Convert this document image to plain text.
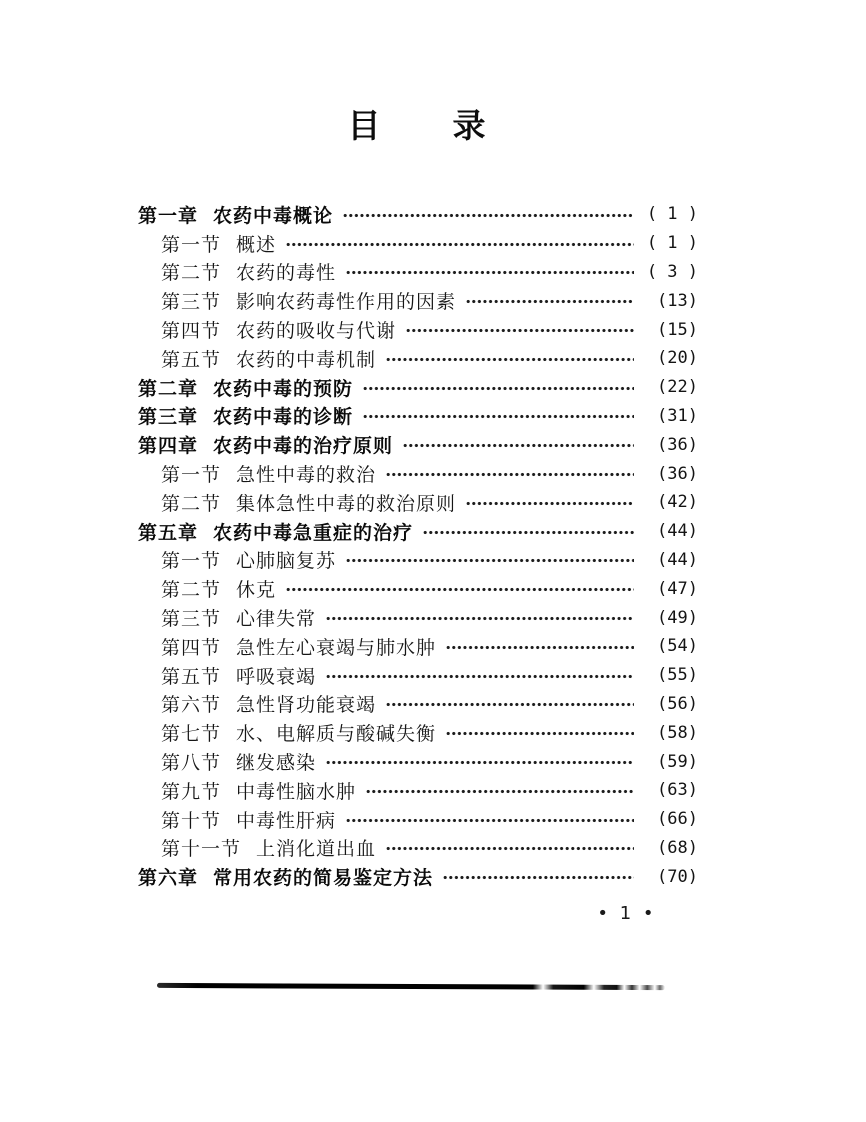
目　　录
第一章 农药中毒概论	( 1 )
第一节 概述	( 1 )
第二节 农药的毒性	( 3 )
第三节 影响农药毒性作用的因素	(13)
第四节 农药的吸收与代谢	(15)
第五节 农药的中毒机制	(20)
第二章 农药中毒的预防	(22)
第三章 农药中毒的诊断	(31)
第四章 农药中毒的治疗原则	(36)
第一节 急性中毒的救治	(36)
第二节 集体急性中毒的救治原则	(42)
第五章 农药中毒急重症的治疗	(44)
第一节 心肺脑复苏	(44)
第二节 休克	(47)
第三节 心律失常	(49)
第四节 急性左心衰竭与肺水肿	(54)
第五节 呼吸衰竭	(55)
第六节 急性肾功能衰竭	(56)
第七节 水、电解质与酸碱失衡	(58)
第八节 继发感染	(59)
第九节 中毒性脑水肿	(63)
第十节 中毒性肝病	(66)
第十一节 上消化道出血	(68)
第六章 常用农药的简易鉴定方法	(70)
• 1 •
